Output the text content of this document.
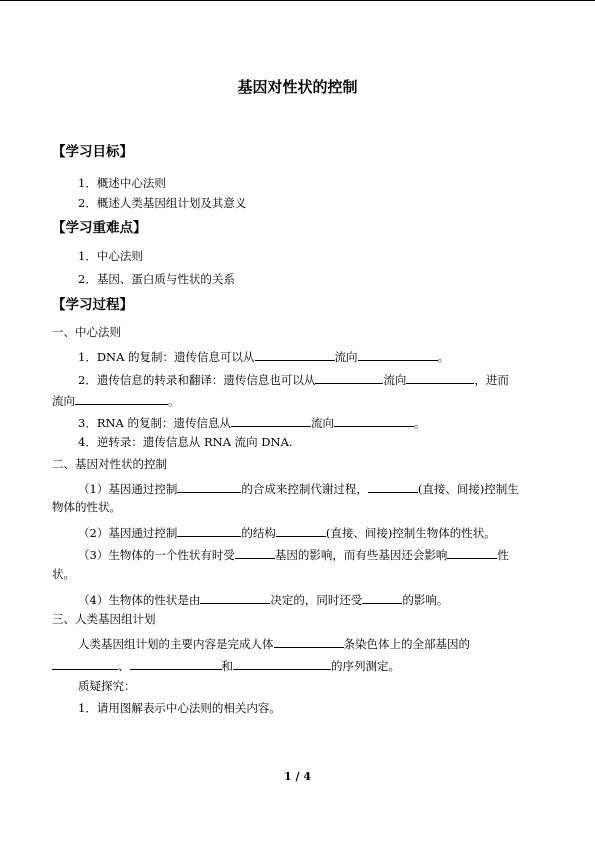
基因对性状的控制
【学习目标】
1．概述中心法则
2．概述人类基因组计划及其意义
【学习重难点】
1．中心法则
2．基因、蛋白质与性状的关系
【学习过程】
一、中心法则
1．DNA 的复制：遗传信息可以从	流向	。
2．遗传信息的转录和翻译：遗传信息也可以从	流向	，进而
流向	。
3．RNA 的复制：遗传信息从	流向	。
4．逆转录：遗传信息从 RNA 流向 DNA.
二、基因对性状的控制
（1）基因通过控制	的合成来控制代谢过程，	(直接、间接)控制生
物体的性状。
（2）基因通过控制	的结构	(直接、间接)控制生物体的性状。
（3）生物体的一个性状有时受	基因的影响，而有些基因还会影响	性
状。
（4）生物体的性状是由	决定的，同时还受	的影响。
三、人类基因组计划
人类基因组计划的主要内容是完成人体	条染色体上的全部基因的
、	和	的序列测定。
质疑探究：
1．请用图解表示中心法则的相关内容。
1 / 4
